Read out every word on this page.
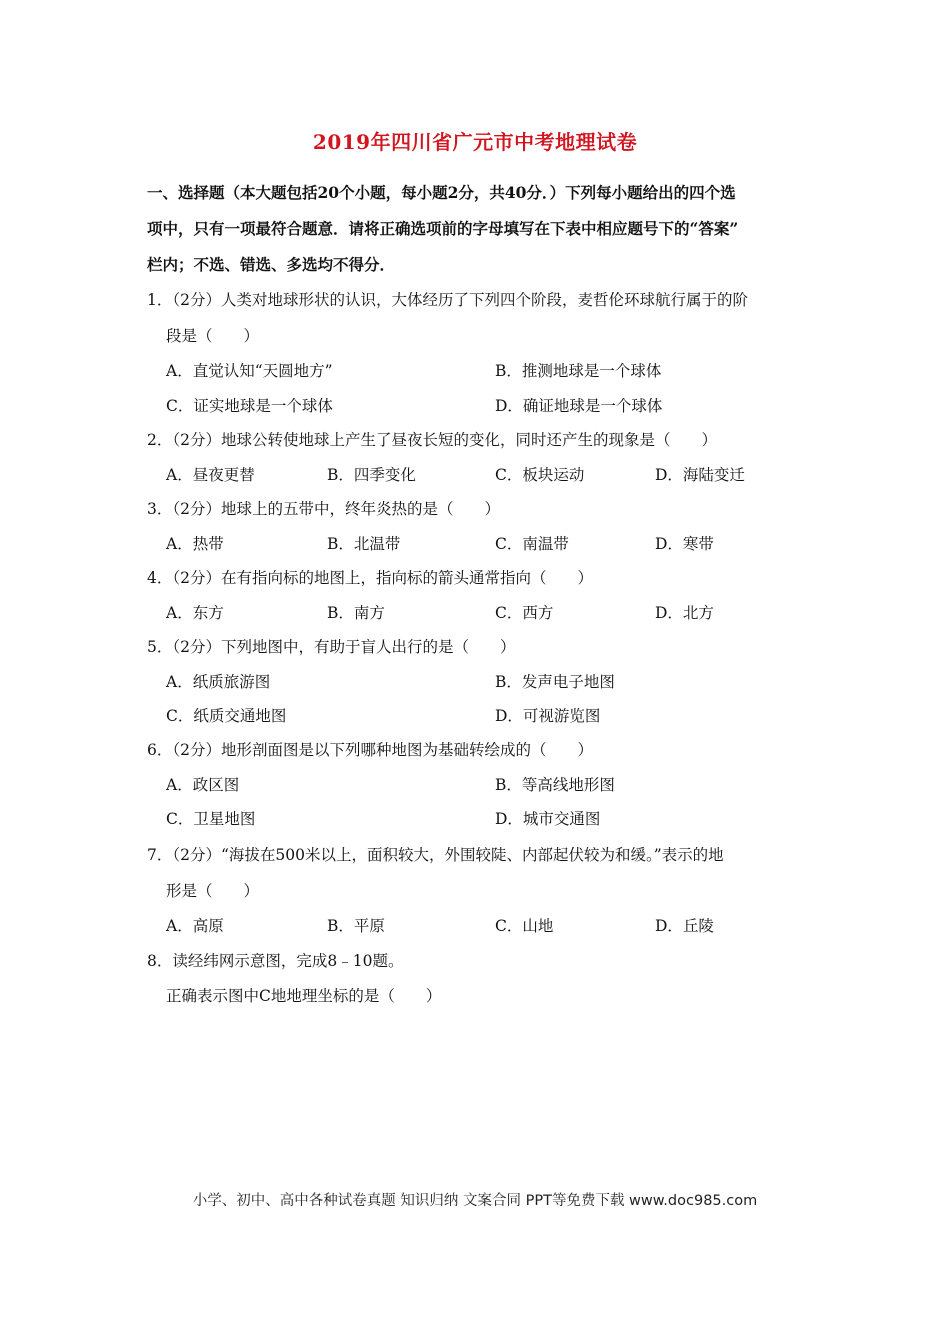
2019年四川省广元市中考地理试卷
一、选择题（本大题包括20个小题，每小题2分，共40分．）下列每小题给出的四个选
项中，只有一项最符合题意．请将正确选项前的字母填写在下表中相应题号下的“答案”
栏内；不选、错选、多选均不得分．
1．（2分）人类对地球形状的认识，大体经历了下列四个阶段，麦哲伦环球航行属于的阶
段是（　　）
A．直觉认知“天圆地方”	B．推测地球是一个球体
C．证实地球是一个球体	D．确证地球是一个球体
2．（2分）地球公转使地球上产生了昼夜长短的变化，同时还产生的现象是（　　）
A．昼夜更替	B．四季变化	C．板块运动	D．海陆变迁
3．（2分）地球上的五带中，终年炎热的是（　　）
A．热带	B．北温带	C．南温带	D．寒带
4．（2分）在有指向标的地图上，指向标的箭头通常指向（　　）
A．东方	B．南方	C．西方	D．北方
5．（2分）下列地图中，有助于盲人出行的是（　　）
A．纸质旅游图	B．发声电子地图
C．纸质交通地图	D．可视游览图
6．（2分）地形剖面图是以下列哪种地图为基础转绘成的（　　）
A．政区图	B．等高线地形图
C．卫星地图	D．城市交通图
7．（2分）“海拔在500米以上，面积较大，外围较陡、内部起伏较为和缓。”表示的地
形是（　　）
A．高原	B．平原	C．山地	D．丘陵
8．读经纬网示意图，完成8﹣10题。
正确表示图中C地地理坐标的是（　　）
小学、初中、高中各种试卷真题 知识归纳 文案合同 PPT等免费下载 www.doc985.com
